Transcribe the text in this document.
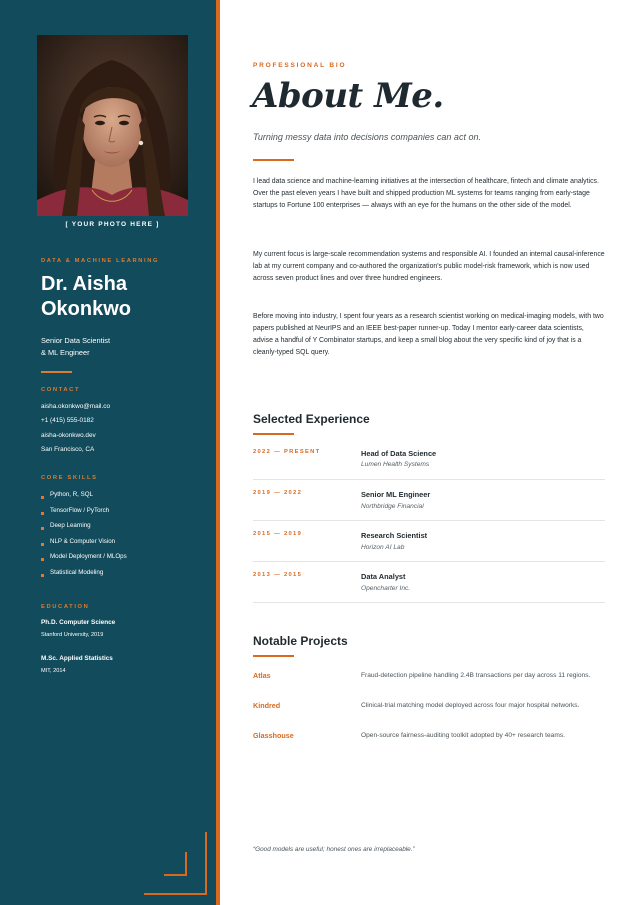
[ YOUR PHOTO HERE ]
DATA & MACHINE LEARNING
Dr. Aisha
Okonkwo
Senior Data Scientist
& ML Engineer
CONTACT
aisha.okonkwo@mail.co
+1 (415) 555-0182
aisha-okonkwo.dev
San Francisco, CA
CORE SKILLS
Python, R, SQL
TensorFlow / PyTorch
Deep Learning
NLP & Computer Vision
Model Deployment / MLOps
Statistical Modeling
EDUCATION
Ph.D. Computer Science
Stanford University, 2019
M.Sc. Applied Statistics
MIT, 2014
PROFESSIONAL BIO
About Me.
Turning messy data into decisions companies can act on.
I lead data science and machine-learning initiatives at the intersection of healthcare, fintech and climate analytics. Over the past eleven years I have built and shipped production ML systems for teams ranging from early-stage startups to Fortune 100 enterprises — always with an eye for the humans on the other side of the model.
My current focus is large-scale recommendation systems and responsible AI. I founded an internal causal-inference lab at my current company and co-authored the organization's public model-risk framework, which is now used across seven product lines and over three hundred engineers.
Before moving into industry, I spent four years as a research scientist working on medical-imaging models, with two papers published at NeurIPS and an IEEE best-paper runner-up. Today I mentor early-career data scientists, advise a handful of Y Combinator startups, and keep a small blog about the very specific kind of joy that is a cleanly-typed SQL query.
Selected Experience
2022 — PRESENT	Head of Data Science
Lumen Health Systems
2019 — 2022	Senior ML Engineer
Northbridge Financial
2015 — 2019	Research Scientist
Horizon AI Lab
2013 — 2015	Data Analyst
Opencharter Inc.
Notable Projects
Atlas	Fraud-detection pipeline handling 2.4B transactions per day across 11 regions.
Kindred	Clinical-trial matching model deployed across four major hospital networks.
Glasshouse	Open-source fairness-auditing toolkit adopted by 40+ research teams.
“Good models are useful; honest ones are irreplaceable.”
